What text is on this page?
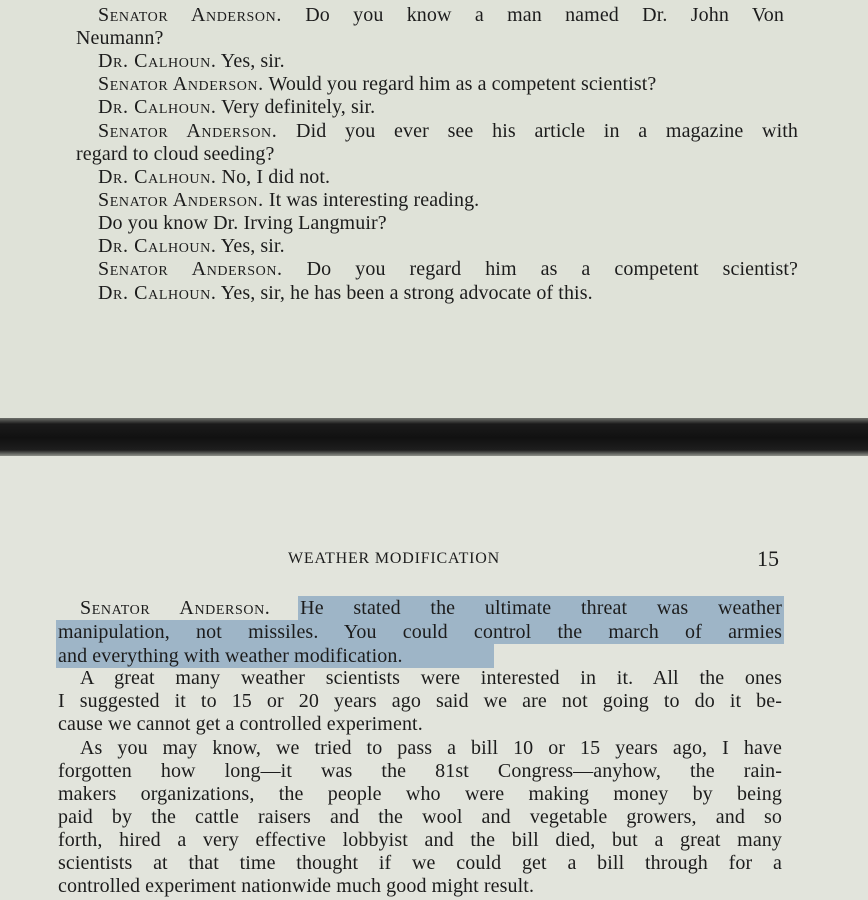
Senator Anderson. Do you know a man named Dr. John Von
Neumann?
Dr. Calhoun. Yes, sir.
Senator Anderson. Would you regard him as a competent scientist?
Dr. Calhoun. Very definitely, sir.
Senator Anderson. Did you ever see his article in a magazine with
regard to cloud seeding?
Dr. Calhoun. No, I did not.
Senator Anderson. It was interesting reading.
Do you know Dr. Irving Langmuir?
Dr. Calhoun. Yes, sir.
Senator Anderson. Do you regard him as a competent scientist?
Dr. Calhoun. Yes, sir, he has been a strong advocate of this.
WEATHER MODIFICATION	15
Senator Anderson. He stated the ultimate threat was weather
manipulation, not missiles. You could control the march of armies
and everything with weather modification.
A great many weather scientists were interested in it. All the ones
I suggested it to 15 or 20 years ago said we are not going to do it be-
cause we cannot get a controlled experiment.
As you may know, we tried to pass a bill 10 or 15 years ago, I have
forgotten how long—it was the 81st Congress—anyhow, the rain-
makers organizations, the people who were making money by being
paid by the cattle raisers and the wool and vegetable growers, and so
forth, hired a very effective lobbyist and the bill died, but a great many
scientists at that time thought if we could get a bill through for a
controlled experiment nationwide much good might result.
